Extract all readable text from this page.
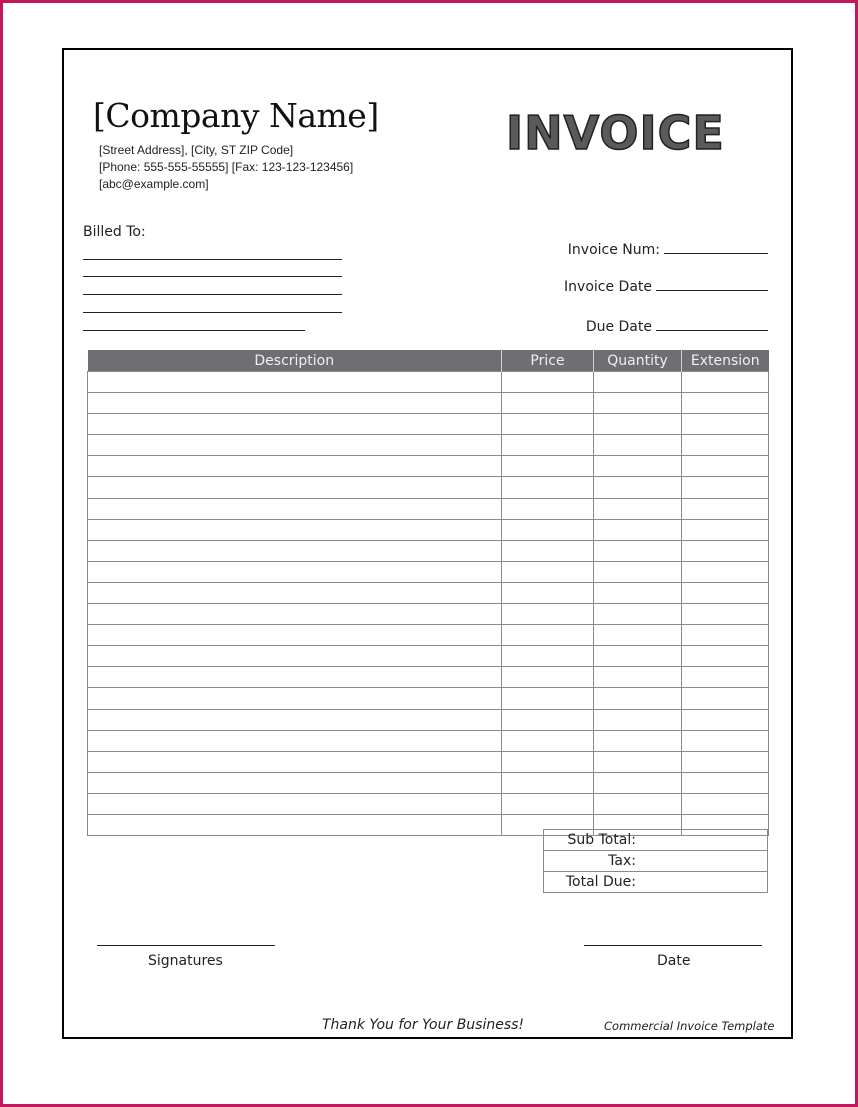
[Company Name]
[Street Address], [City, ST ZIP Code]
[Phone: 555-555-55555] [Fax: 123-123-123456]
[abc@example.com]
INVOICE
Billed To:
Invoice Num:
Invoice Date
Due Date
Description	Price	Quantity	Extension

Sub Total:

Tax:

Total Due:
Signatures	Date
Thank You for Your Business!	Commercial Invoice Template
